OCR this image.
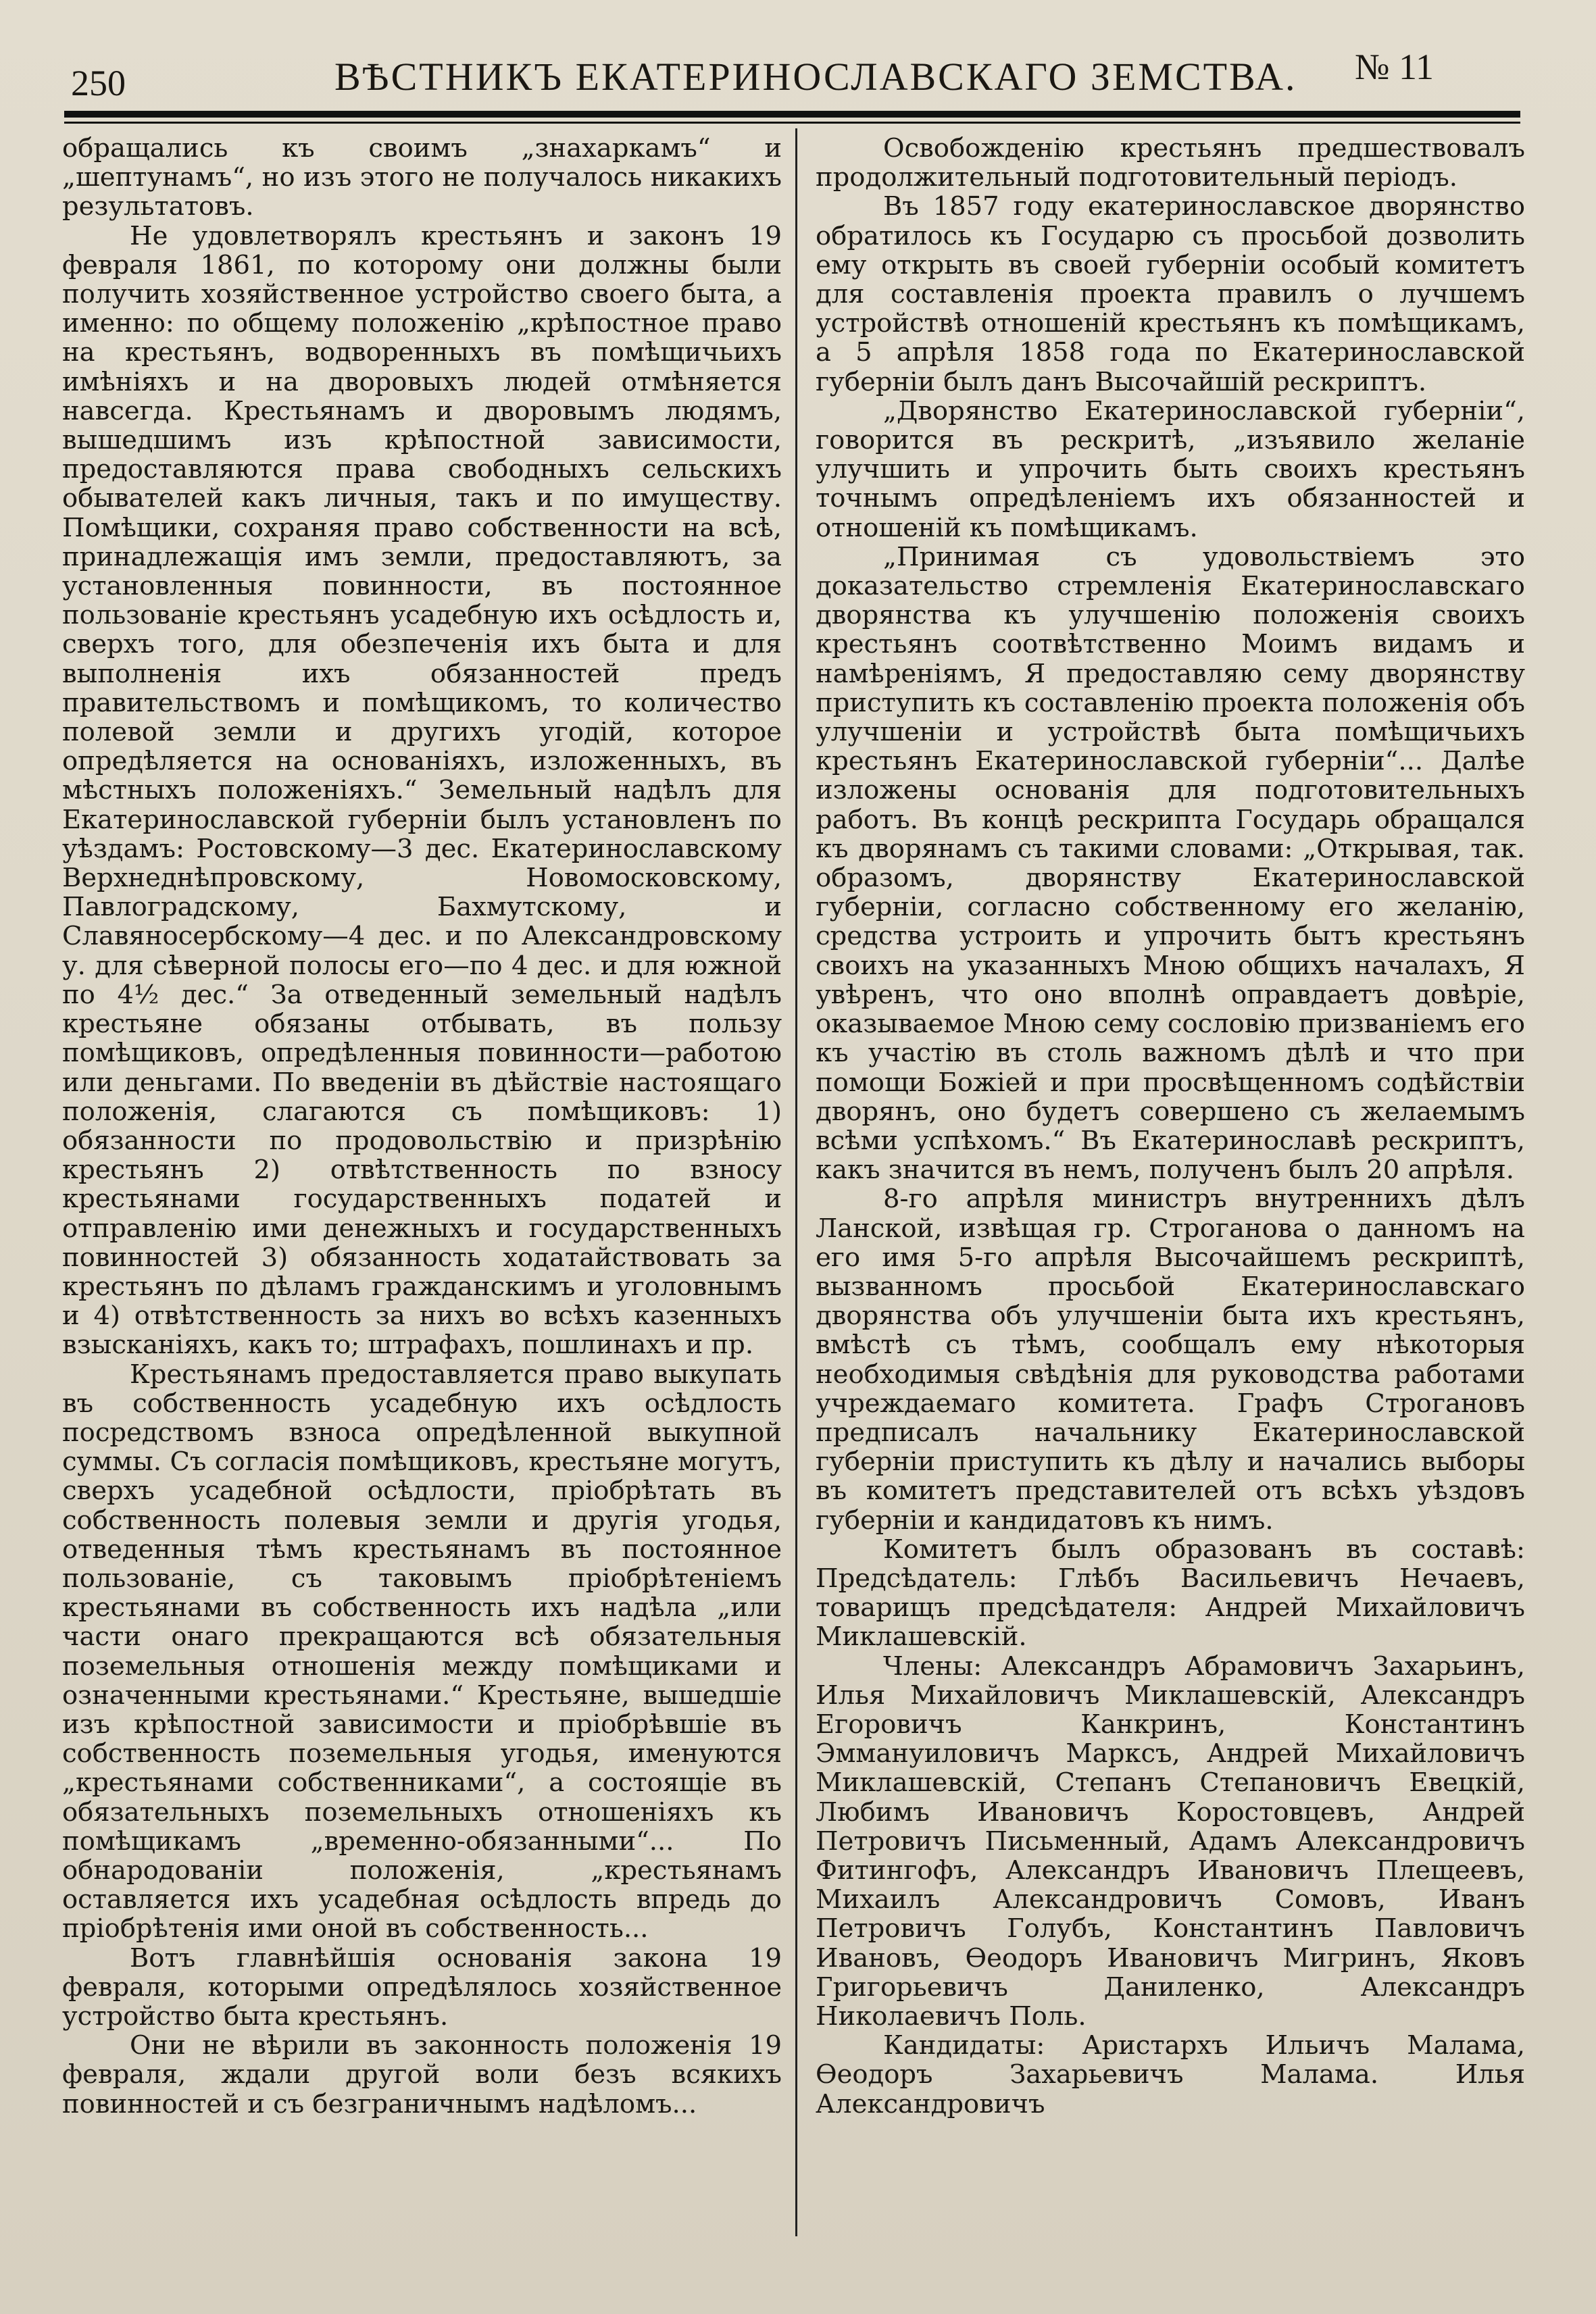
250	ВѢСТНИКЪ ЕКАТЕРИНОСЛАВСКАГО ЗЕМСТВА. № 11

обращались къ своимъ „знахаркамъ“ и „шептунамъ“, но изъ этого не получалось никакихъ результатовъ.

Не удовлетворялъ крестьянъ и законъ 19 февраля 1861, по которому они должны были получить хозяйственное устройство своего быта, а именно: по общему положенію „крѣпостное право на крестьянъ, водворенныхъ въ помѣщичьихъ имѣніяхъ и на дворовыхъ людей отмѣняется навсегда. Крестьянамъ и дворовымъ людямъ, вышедшимъ изъ крѣпостной зависимости, предоставляются права свободныхъ сельскихъ обывателей какъ личныя, такъ и по имуществу. Помѣщики, сохраняя право собственности на всѣ, принадлежащія имъ земли, предоставляютъ, за установленныя повинности, въ постоянное пользованіе крестьянъ усадебную ихъ осѣдлость и, сверхъ того, для обезпеченія ихъ быта и для выполненія ихъ обязанностей предъ правительствомъ и помѣщикомъ, то количество полевой земли и другихъ угодій, которое опредѣляется на основаніяхъ, изложенныхъ, въ мѣстныхъ положеніяхъ.“ Земельный надѣлъ для Екатеринославской губерніи былъ установленъ по уѣздамъ: Ростовскому—3 дес. Екатеринославскому Верхнеднѣпровскому, Новомосковскому, Павлоградскому, Бахмутскому, и Славяносербскому—4 дес. и по Александровскому у. для сѣверной полосы его—по 4 дес. и для южной по 4½ дес.“ За отведенный земельный надѣлъ крестьяне обязаны отбывать, въ пользу помѣщиковъ, опредѣленныя повинности—работою или деньгами. По введеніи въ дѣйствіе настоящаго положенія, слагаются съ помѣщиковъ: 1) обязанности по продовольствію и призрѣнію крестьянъ 2) отвѣтственность по взносу крестьянами государственныхъ податей и отправленію ими денежныхъ и государственныхъ повинностей 3) обязанность ходатайствовать за крестьянъ по дѣламъ гражданскимъ и уголовнымъ и 4) отвѣтственность за нихъ во всѣхъ казенныхъ взысканіяхъ, какъ то; штрафахъ, пошлинахъ и пр.

Крестьянамъ предоставляется право выкупать въ собственность усадебную ихъ осѣдлость посредствомъ взноса опредѣленной выкупной суммы. Съ согласія помѣщиковъ, крестьяне могутъ, сверхъ усадебной осѣдлости, пріобрѣтать въ собственность полевыя земли и другія угодья, отведенныя тѣмъ крестьянамъ въ постоянное пользованіе, съ таковымъ пріобрѣтеніемъ крестьянами въ собственность ихъ надѣла „или части онаго прекращаются всѣ обязательныя поземельныя отношенія между помѣщиками и означенными крестьянами.“ Крестьяне, вышедшіе изъ крѣпостной зависимости и пріобрѣвшіе въ собственность поземельныя угодья, именуются „крестьянами собственниками“, а состоящіе въ обязательныхъ поземельныхъ отношеніяхъ къ помѣщикамъ „временно-обязанными“... По обнародованіи положенія, „крестьянамъ оставляется ихъ усадебная осѣдлость впредь до пріобрѣтенія ими оной въ собственность...

Вотъ главнѣйшія основанія закона 19 февраля, которыми опредѣлялось хозяйственное устройство быта крестьянъ.

Они не вѣрили въ законность положенія 19 февраля, ждали другой воли безъ всякихъ повинностей и съ безграничнымъ надѣломъ...

Освобожденію крестьянъ предшествовалъ продолжительный подготовительный періодъ.

Въ 1857 году екатеринославское дворянство обратилось къ Государю съ просьбой дозволить ему открыть въ своей губерніи особый комитетъ для составленія проекта правилъ о лучшемъ устройствѣ отношеній крестьянъ къ помѣщикамъ, а 5 апрѣля 1858 года по Екатеринославской губерніи былъ данъ Высочайшій рескриптъ.

„Дворянство Екатеринославской губерніи“, говорится въ рескритѣ, „изъявило желаніе улучшить и упрочить быть своихъ крестьянъ точнымъ опредѣленіемъ ихъ обязанностей и отношеній къ помѣщикамъ.

„Принимая съ удовольствіемъ это доказательство стремленія Екатеринославскаго дворянства къ улучшенію положенія своихъ крестьянъ соотвѣтственно Моимъ видамъ и намѣреніямъ, Я предоставляю сему дворянству приступить къ составленію проекта положенія объ улучшеніи и устройствѣ быта помѣщичьихъ крестьянъ Екатеринославской губерніи“... Далѣе изложены основанія для подготовительныхъ работъ. Въ концѣ рескрипта Государь обращался къ дворянамъ съ такими словами: „Открывая, так. образомъ, дворянству Екатеринославской губерніи, согласно собственному его желанію, средства устроить и упрочить бытъ крестьянъ своихъ на указанныхъ Мною общихъ началахъ, Я увѣренъ, что оно вполнѣ оправдаетъ довѣріе, оказываемое Мною сему сословію призваніемъ его къ участію въ столь важномъ дѣлѣ и что при помощи Божіей и при просвѣщенномъ содѣйствіи дворянъ, оно будетъ совершено съ желаемымъ всѣми успѣхомъ.“ Въ Екатеринославѣ рескриптъ, какъ значится въ немъ, полученъ былъ 20 апрѣля.

8-го апрѣля министръ внутреннихъ дѣлъ Ланской, извѣщая гр. Строганова о данномъ на его имя 5-го апрѣля Высочайшемъ рескриптѣ, вызванномъ просьбой Екатеринославскаго дворянства объ улучшеніи быта ихъ крестьянъ, вмѣстѣ съ тѣмъ, сообщалъ ему нѣкоторыя необходимыя свѣдѣнія для руководства работами учреждаемаго комитета. Графъ Строгановъ предписалъ начальнику Екатеринославской губерніи приступить къ дѣлу и начались выборы въ комитетъ представителей отъ всѣхъ уѣздовъ губерніи и кандидатовъ къ нимъ.

Комитетъ былъ образованъ въ составѣ: Предсѣдатель: Глѣбъ Васильевичъ Нечаевъ, товарищъ предсѣдателя: Андрей Михайловичъ Миклашевскій.

Члены: Александръ Абрамовичъ Захарьинъ, Илья Михайловичъ Миклашевскій, Александръ Егоровичъ Канкринъ, Константинъ Эммануиловичъ Марксъ, Андрей Михайловичъ Миклашевскій, Степанъ Степановичъ Евецкій, Любимъ Ивановичъ Коростовцевъ, Андрей Петровичъ Письменный, Адамъ Александровичъ Фитингофъ, Александръ Ивановичъ Плещеевъ, Михаилъ Александровичъ Сомовъ, Иванъ Петровичъ Голубъ, Константинъ Павловичъ Ивановъ, Ѳеодоръ Ивановичъ Мигринъ, Яковъ Григорьевичъ Даниленко, Александръ Николаевичъ Поль.

Кандидаты: Аристархъ Ильичъ Малама, Ѳеодоръ Захарьевичъ Малама. Илья Александровичъ
